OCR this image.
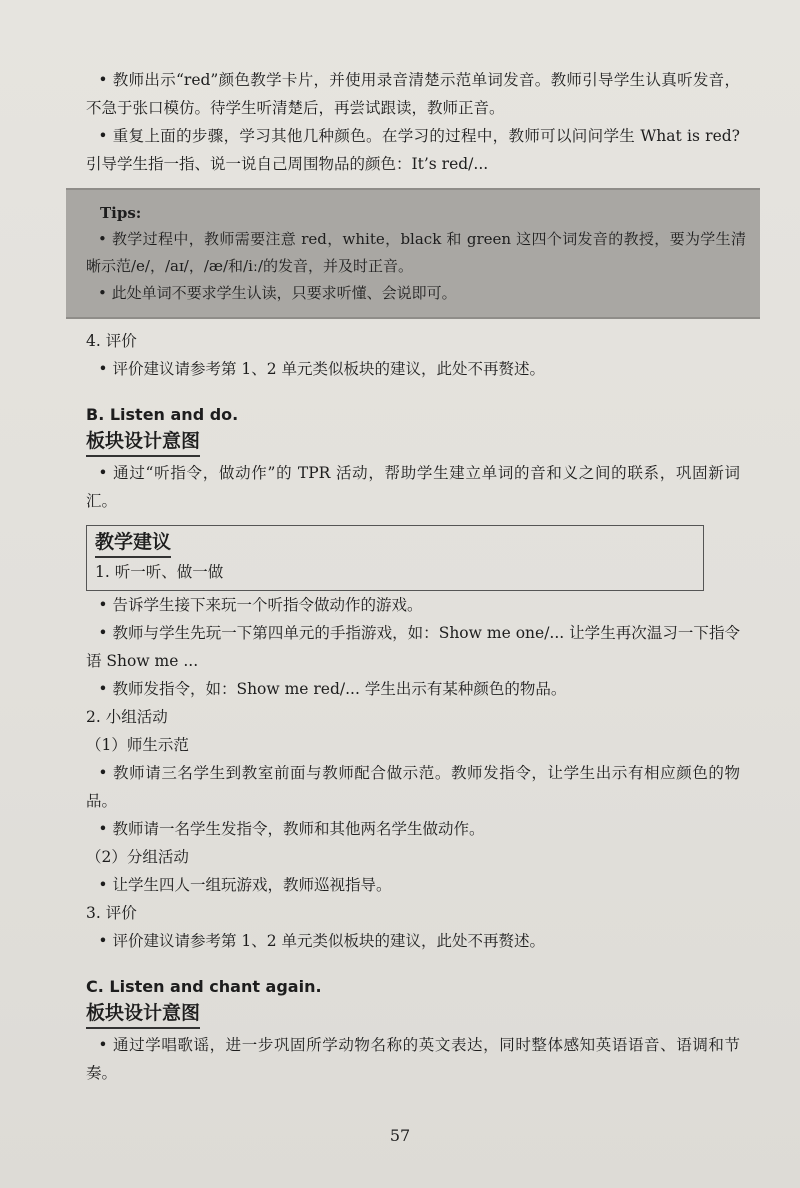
• 教师出示“red”颜色教学卡片，并使用录音清楚示范单词发音。教师引导学生认真听发音，不急于张口模仿。待学生听清楚后，再尝试跟读，教师正音。

• 重复上面的步骤，学习其他几种颜色。在学习的过程中，教师可以问问学生 What is red? 引导学生指一指、说一说自己周围物品的颜色：It’s red/...

Tips:

• 教学过程中，教师需要注意 red，white，black 和 green 这四个词发音的教授，要为学生清晰示范/e/，/aɪ/，/æ/和/iː/的发音，并及时正音。

• 此处单词不要求学生认读，只要求听懂、会说即可。

4. 评价

• 评价建议请参考第 1、2 单元类似板块的建议，此处不再赘述。

B. Listen and do.
板块设计意图

• 通过“听指令，做动作”的 TPR 活动，帮助学生建立单词的音和义之间的联系，巩固新词汇。

教学建议

1. 听一听、做一做

• 告诉学生接下来玩一个听指令做动作的游戏。

• 教师与学生先玩一下第四单元的手指游戏，如：Show me one/... 让学生再次温习一下指令语 Show me ...

• 教师发指令，如：Show me red/... 学生出示有某种颜色的物品。

2. 小组活动

（1）师生示范

• 教师请三名学生到教室前面与教师配合做示范。教师发指令，让学生出示有相应颜色的物品。

• 教师请一名学生发指令，教师和其他两名学生做动作。

（2）分组活动

• 让学生四人一组玩游戏，教师巡视指导。

3. 评价

• 评价建议请参考第 1、2 单元类似板块的建议，此处不再赘述。

C. Listen and chant again.
板块设计意图

• 通过学唱歌谣，进一步巩固所学动物名称的英文表达，同时整体感知英语语音、语调和节奏。

57
